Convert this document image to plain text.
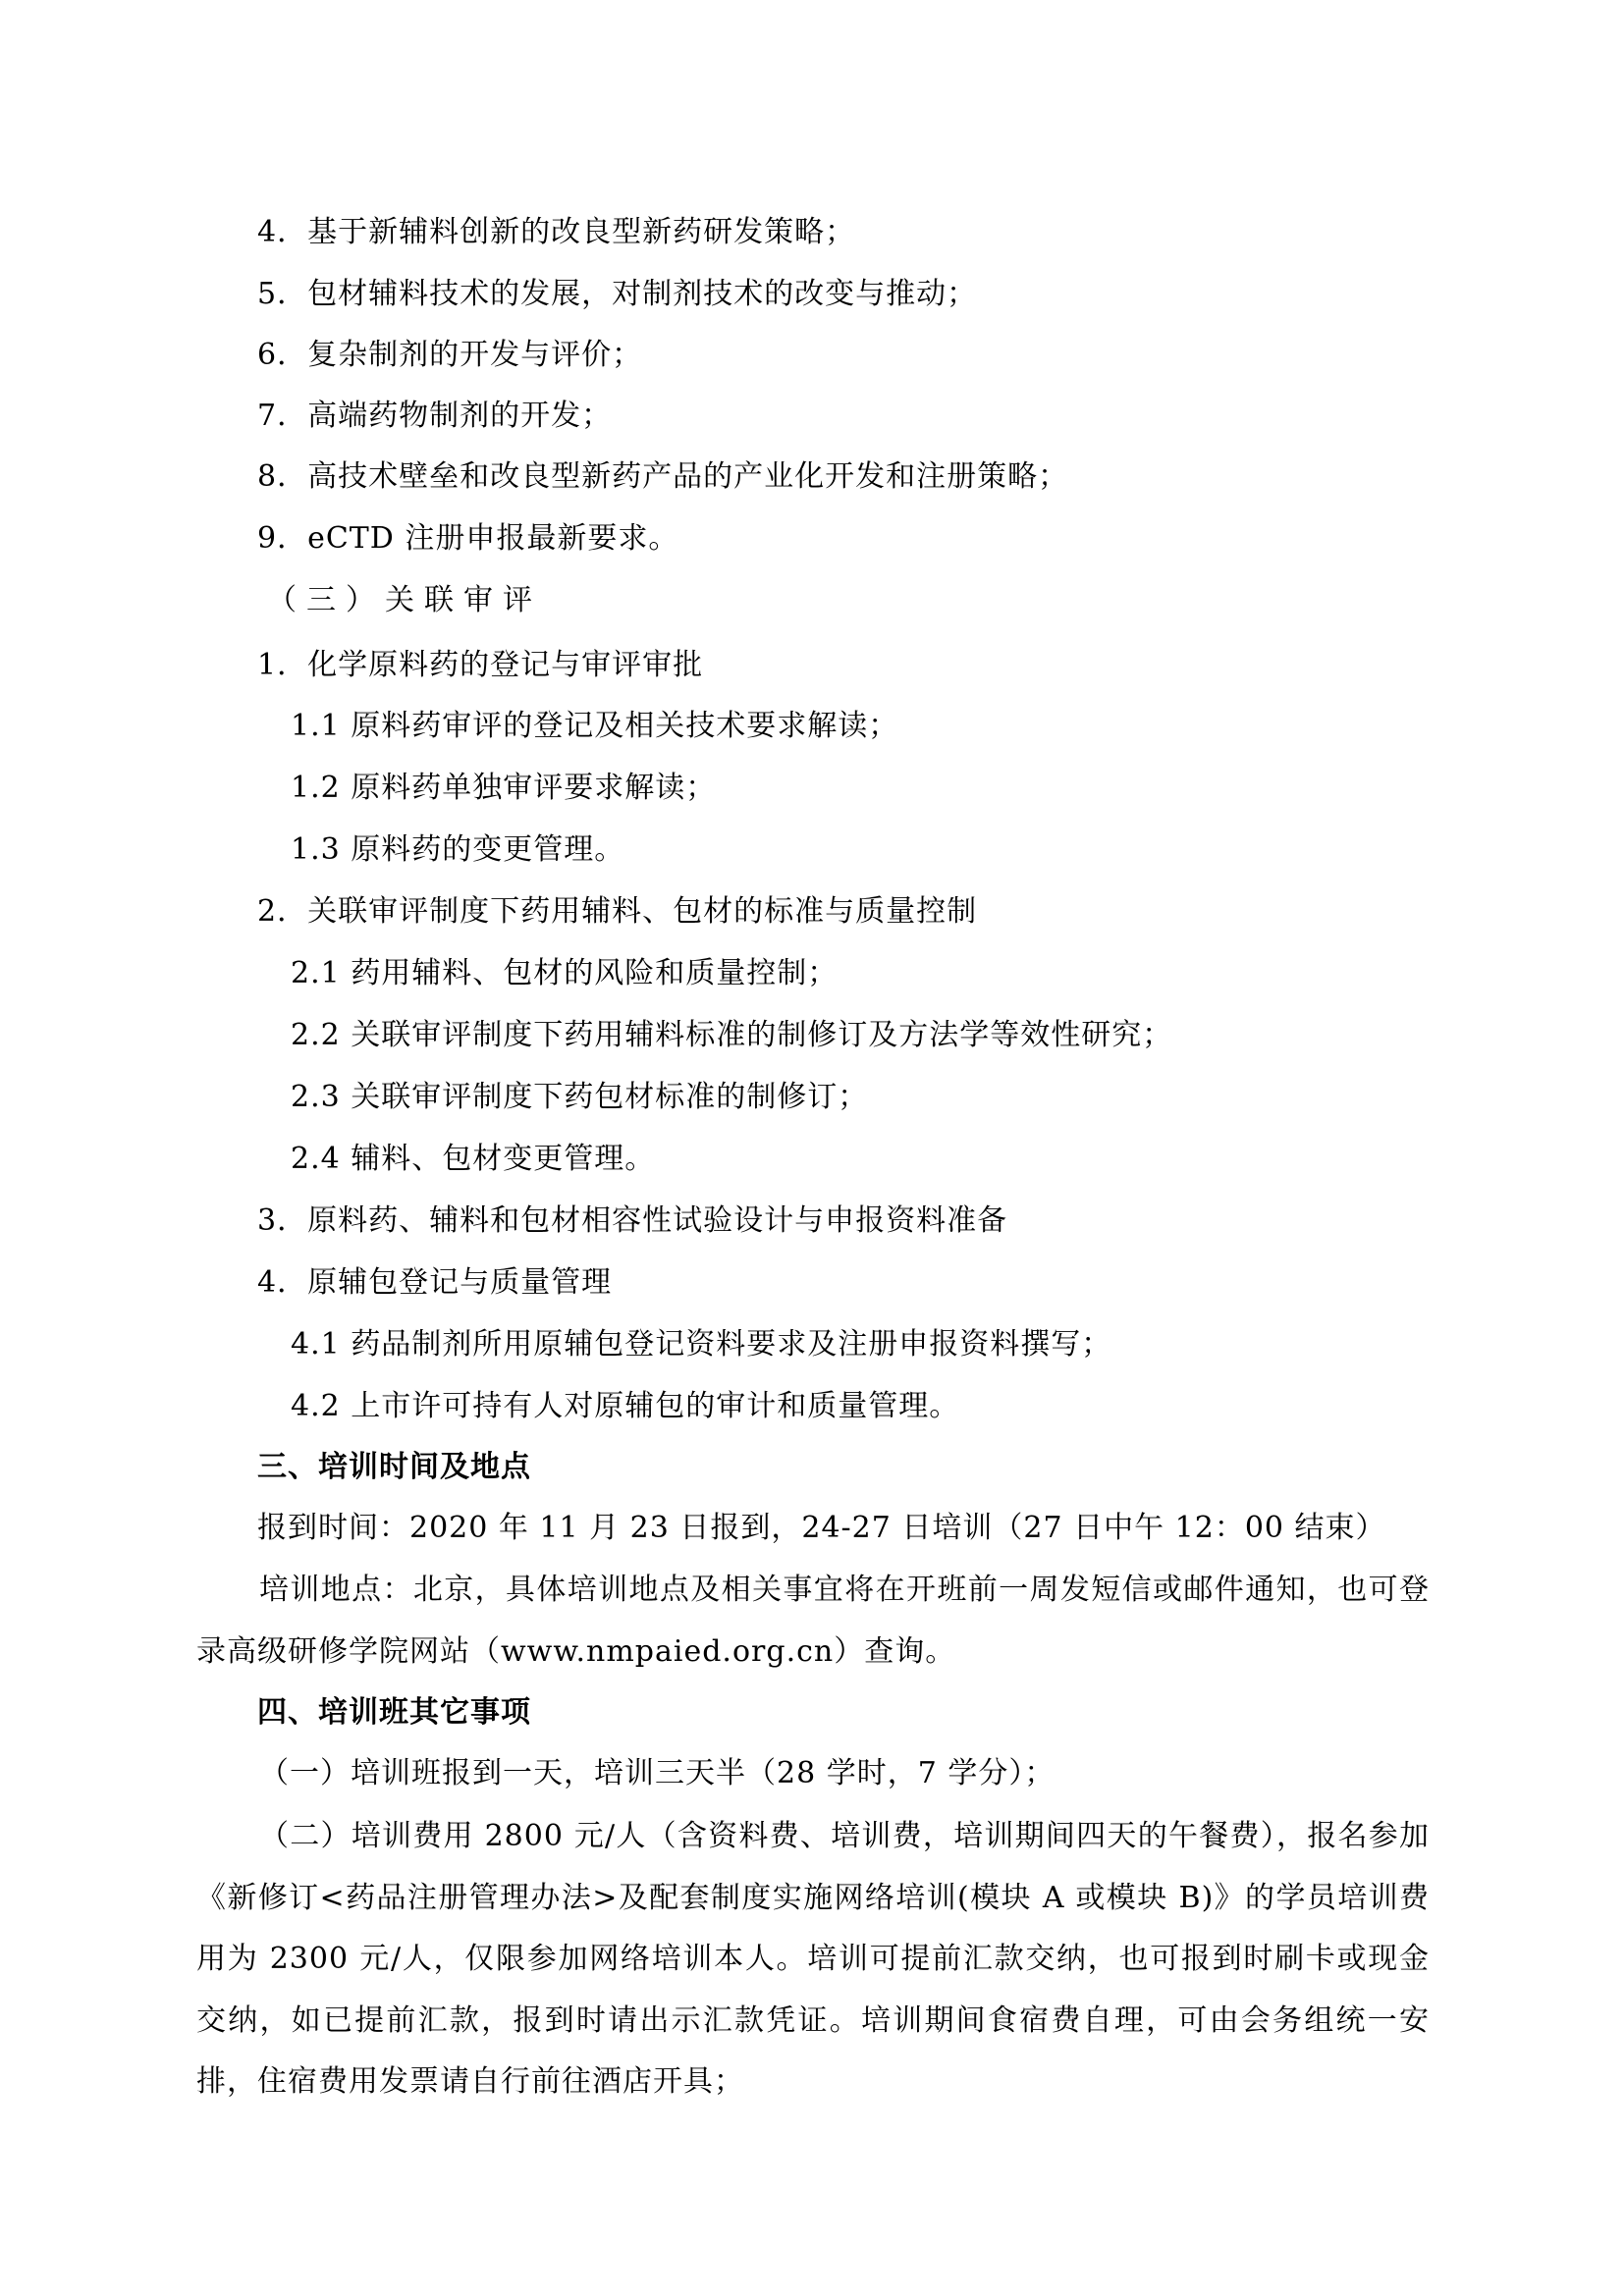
4．基于新辅料创新的改良型新药研发策略；
5．包材辅料技术的发展，对制剂技术的改变与推动；
6．复杂制剂的开发与评价；
7．高端药物制剂的开发；
8．高技术壁垒和改良型新药产品的产业化开发和注册策略；
9．eCTD 注册申报最新要求。
（三）关联审评
1．化学原料药的登记与审评审批
1.1 原料药审评的登记及相关技术要求解读；
1.2 原料药单独审评要求解读；
1.3 原料药的变更管理。
2．关联审评制度下药用辅料、包材的标准与质量控制
2.1 药用辅料、包材的风险和质量控制；
2.2 关联审评制度下药用辅料标准的制修订及方法学等效性研究；
2.3 关联审评制度下药包材标准的制修订；
2.4 辅料、包材变更管理。
3．原料药、辅料和包材相容性试验设计与申报资料准备
4．原辅包登记与质量管理
4.1 药品制剂所用原辅包登记资料要求及注册申报资料撰写；
4.2 上市许可持有人对原辅包的审计和质量管理。
三、培训时间及地点
报到时间：2020 年 11 月 23 日报到，24-27 日培训（27 日中午 12：00 结束）
培训地点：北京，具体培训地点及相关事宜将在开班前一周发短信或邮件通知，也可登录高级研修学院网站（www.nmpaied.org.cn）查询。
四、培训班其它事项
（一）培训班报到一天，培训三天半（28 学时，7 学分）；
（二）培训费用 2800 元/人（含资料费、培训费，培训期间四天的午餐费），报名参加《新修订<药品注册管理办法>及配套制度实施网络培训(模块 A 或模块 B)》的学员培训费用为 2300 元/人，仅限参加网络培训本人。培训可提前汇款交纳，也可报到时刷卡或现金交纳，如已提前汇款，报到时请出示汇款凭证。培训期间食宿费自理，可由会务组统一安排，住宿费用发票请自行前往酒店开具；
